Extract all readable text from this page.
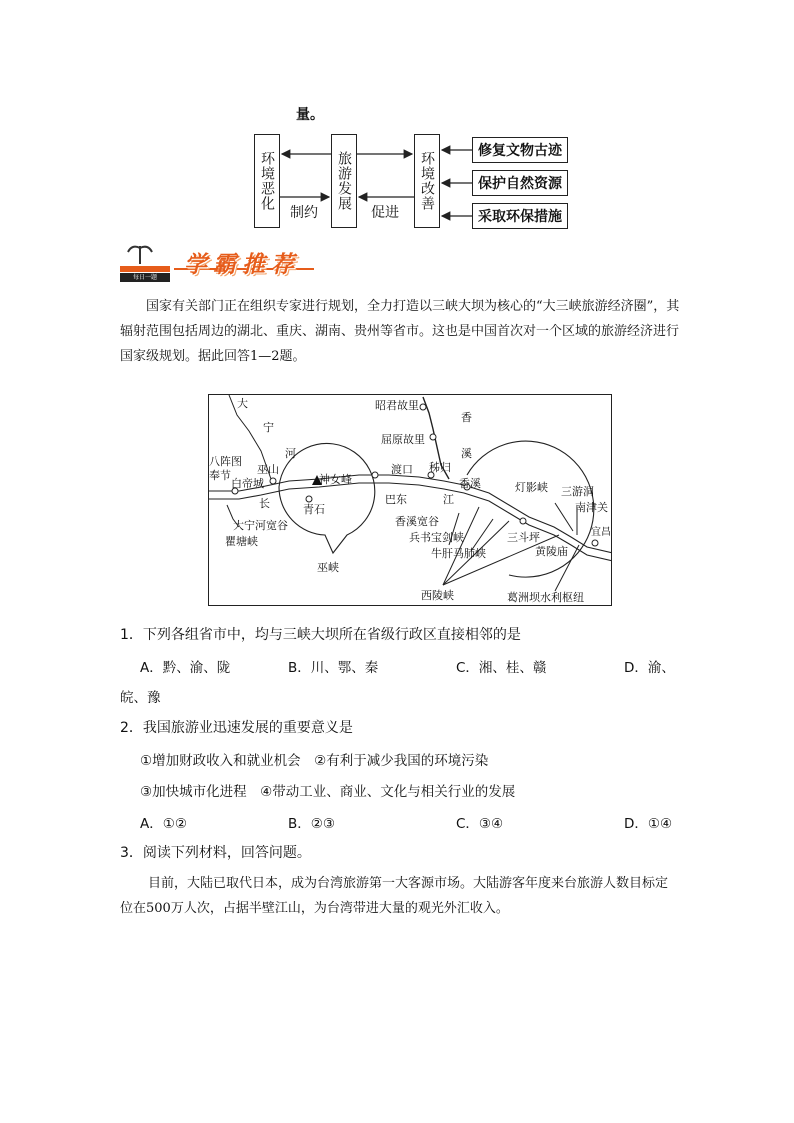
量。
环境恶化	旅游发展	环境改善	修复文物古迹
保护自然资源
采取环保措施
制约	促进
每日一题	学霸推荐
国家有关部门正在组织专家进行规划，全力打造以三峡大坝为核心的“大三峡旅游经济圈”，其辐射范围包括周边的湖北、重庆、湖南、贵州等省市。这也是中国首次对一个区域的旅游经济进行国家级规划。据此回答1—2题。
大
宁
河
八阵图
奉节
白帝城
巫山
长
神女峰
青石
渡口
巴东
秭归
江
香溪
昭君故里
香
屈原故里
溪
灯影峡 三游洞
南津关
宜昌
大宁河宽谷
瞿塘峡
巫峡
香溪宽谷
兵书宝剑峡
牛肝马肺峡
三斗坪
黄陵庙
西陵峡	葛洲坝水利枢纽
1．下列各组省市中，均与三峡大坝所在省级行政区直接相邻的是
A．黔、渝、陇	B．川、鄂、秦	C．湘、桂、赣	D．渝、
皖、豫
2．我国旅游业迅速发展的重要意义是
①增加财政收入和就业机会　②有利于减少我国的环境污染
③加快城市化进程　④带动工业、商业、文化与相关行业的发展
A．①②	B．②③	C．③④	D．①④
3．阅读下列材料，回答问题。
目前，大陆已取代日本，成为台湾旅游第一大客源市场。大陆游客年度来台旅游人数目标定位在500万人次，占据半壁江山，为台湾带进大量的观光外汇收入。
